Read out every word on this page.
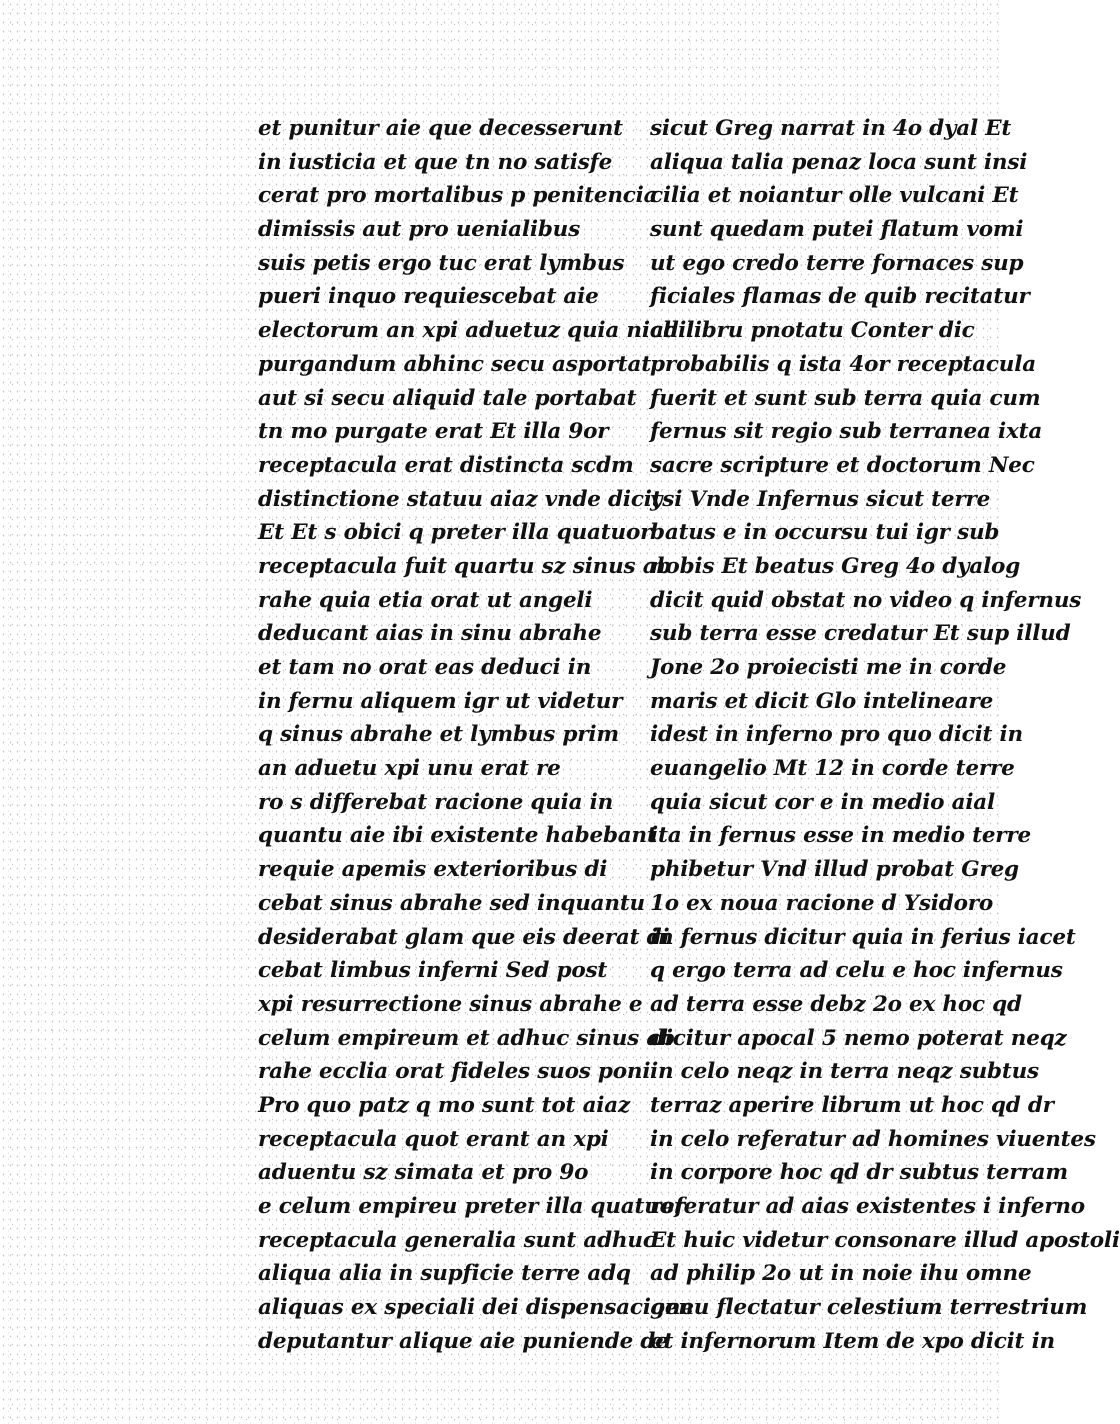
et punitur aie que decesserunt
in iusticia et que tn no satisfe
cerat pro mortalibus p penitencia
dimissis aut pro uenialibus
suis petis ergo tuc erat lymbus
pueri inquo requiescebat aie
electorum an xpi aduetuz quia nichil
purgandum abhinc secu asportat
aut si secu aliquid tale portabat
tn mo purgate erat Et illa 9or
receptacula erat distincta scdm
distinctione statuu aiaz vnde dicit
Et Et s obici q preter illa quatuor
receptacula fuit quartu sz sinus ab
rahe quia etia orat ut angeli
deducant aias in sinu abrahe
et tam no orat eas deduci in
in fernu aliquem igr ut videtur
q sinus abrahe et lymbus prim
an aduetu xpi unu erat re
ro s differebat racione quia in
quantu aie ibi existente habebant
requie apemis exterioribus di
cebat sinus abrahe sed inquantu
desiderabat glam que eis deerat di
cebat limbus inferni Sed post
xpi resurrectione sinus abrahe e
celum empireum et adhuc sinus ab
rahe ecclia orat fideles suos poni
Pro quo patz q mo sunt tot aiaz
receptacula quot erant an xpi
aduentu sz simata et pro 9o
e celum empireu preter illa quatuor
receptacula generalia sunt adhuc
aliqua alia in supficie terre adq
aliquas ex speciali dei dispensacione
deputantur alique aie puniende de
sicut Greg narrat in 4o dyal Et
aliqua talia penaz loca sunt insi
cilia et noiantur olle vulcani Et
sunt quedam putei flatum vomi
ut ego credo terre fornaces sup
ficiales flamas de quib recitatur
ad libru pnotatu Conter dic
probabilis q ista 4or receptacula
fuerit et sunt sub terra quia cum
fernus sit regio sub terranea ixta
sacre scripture et doctorum Nec
ysi Vnde Infernus sicut terre
batus e in occursu tui igr sub
nobis Et beatus Greg 4o dyalog
dicit quid obstat no video q infernus
sub terra esse credatur Et sup illud
Jone 2o proiecisti me in corde
maris et dicit Glo intelineare
idest in inferno pro quo dicit in
euangelio Mt 12 in corde terre
quia sicut cor e in medio aial
ita in fernus esse in medio terre
phibetur Vnd illud probat Greg
1o ex noua racione d Ysidoro
in fernus dicitur quia in ferius iacet
q ergo terra ad celu e hoc infernus
ad terra esse debz 2o ex hoc qd
dicitur apocal 5 nemo poterat neqz
in celo neqz in terra neqz subtus
terraz aperire librum ut hoc qd dr
in celo referatur ad homines viuentes
in corpore hoc qd dr subtus terram
referatur ad aias existentes i inferno
Et huic videtur consonare illud apostoli
ad philip 2o ut in noie ihu omne
genu flectatur celestium terrestrium
et infernorum Item de xpo dicit in
